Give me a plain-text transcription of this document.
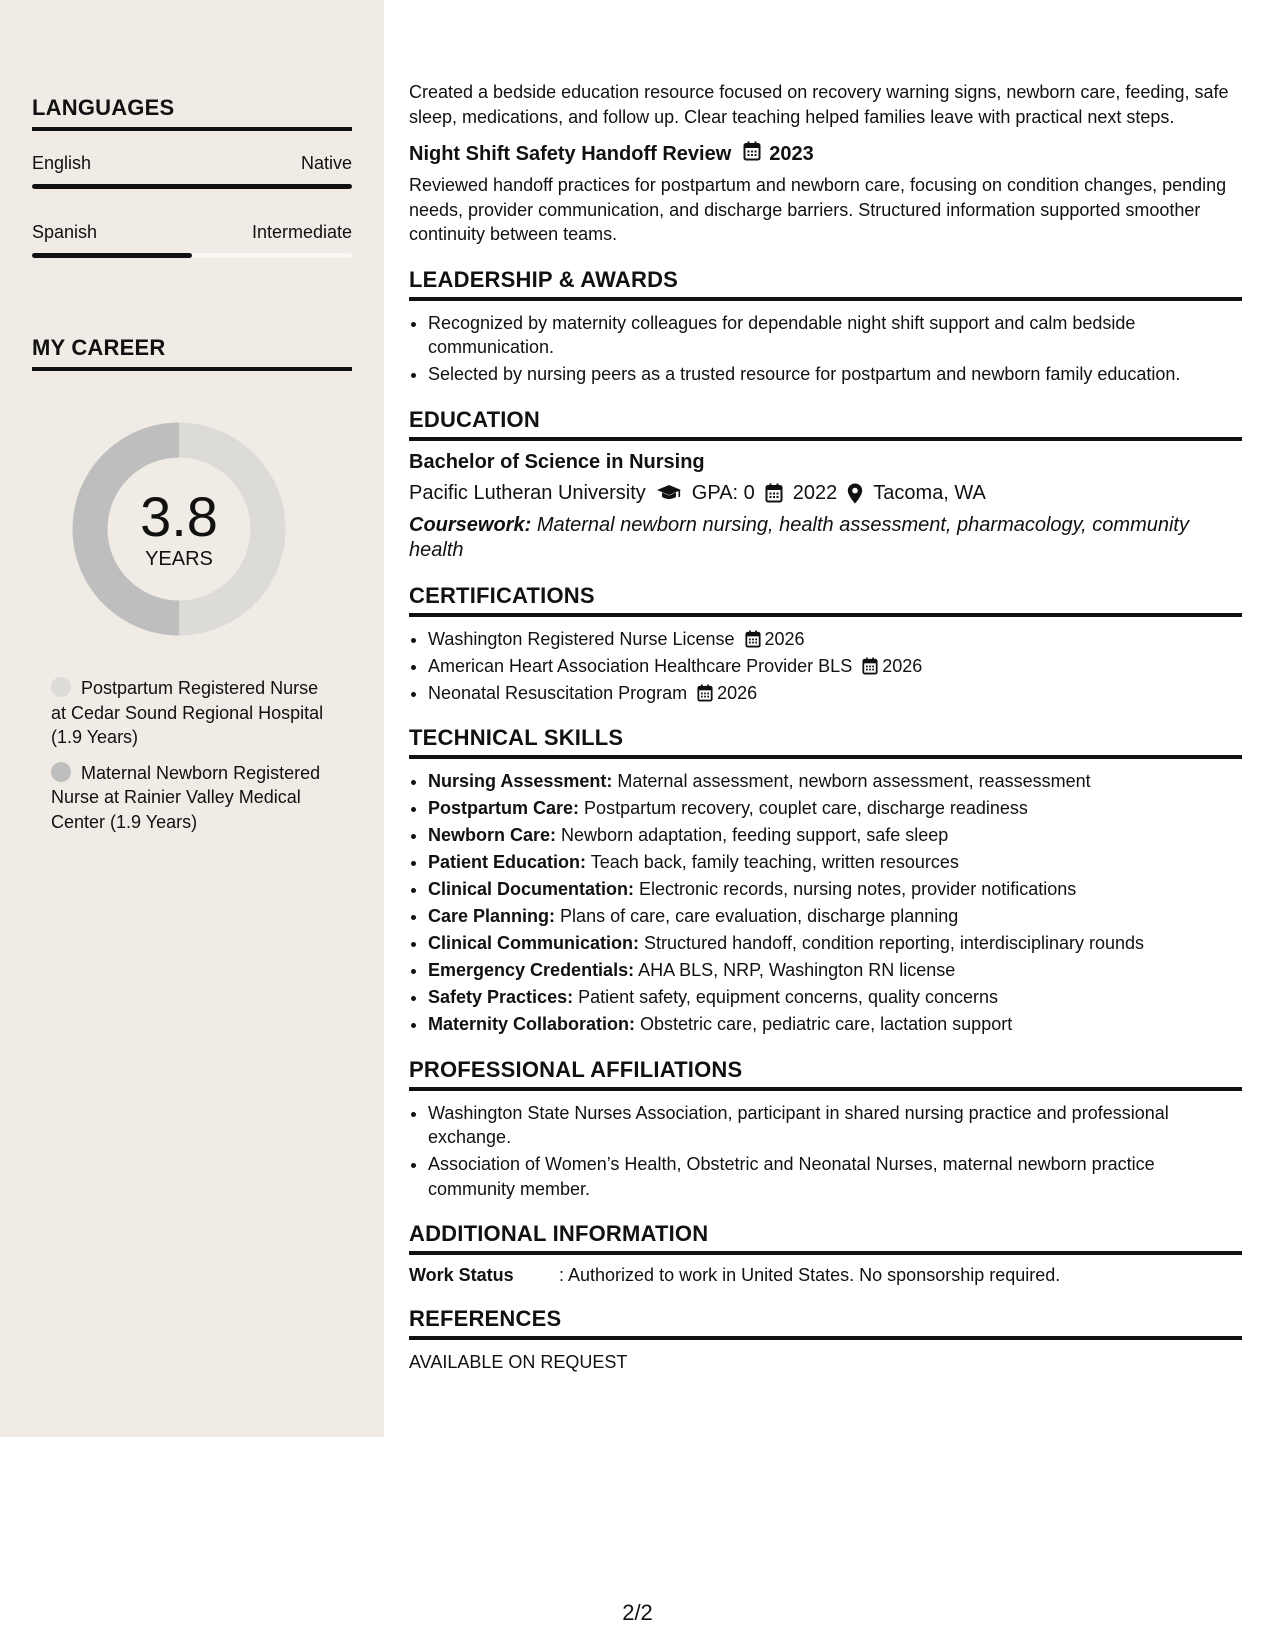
LANGUAGES
English	Native
Spanish	Intermediate
MY CAREER
3.8
YEARS
Postpartum Registered Nurse at Cedar Sound Regional Hospital (1.9 Years)
Maternal Newborn Registered Nurse at Rainier Valley Medical Center (1.9 Years)

Created a bedside education resource focused on recovery warning signs, newborn care, feeding, safe sleep, medications, and follow up. Clear teaching helped families leave with practical next steps.

Night Shift Safety Handoff Review 2023

Reviewed handoff practices for postpartum and newborn care, focusing on condition changes, pending needs, provider communication, and discharge barriers. Structured information supported smoother continuity between teams.

LEADERSHIP & AWARDS
• Recognized by maternity colleagues for dependable night shift support and calm bedside communication.
• Selected by nursing peers as a trusted resource for postpartum and newborn family education.
EDUCATION
Bachelor of Science in Nursing
Pacific Lutheran University GPA: 0 2022 Tacoma, WA
Coursework: Maternal newborn nursing, health assessment, pharmacology, community health
CERTIFICATIONS
• Washington Registered Nurse License 2026
• American Heart Association Healthcare Provider BLS 2026
• Neonatal Resuscitation Program 2026
TECHNICAL SKILLS
• Nursing Assessment: Maternal assessment, newborn assessment, reassessment
• Postpartum Care: Postpartum recovery, couplet care, discharge readiness
• Newborn Care: Newborn adaptation, feeding support, safe sleep
• Patient Education: Teach back, family teaching, written resources
• Clinical Documentation: Electronic records, nursing notes, provider notifications
• Care Planning: Plans of care, care evaluation, discharge planning
• Clinical Communication: Structured handoff, condition reporting, interdisciplinary rounds
• Emergency Credentials: AHA BLS, NRP, Washington RN license
• Safety Practices: Patient safety, equipment concerns, quality concerns
• Maternity Collaboration: Obstetric care, pediatric care, lactation support
PROFESSIONAL AFFILIATIONS
• Washington State Nurses Association, participant in shared nursing practice and professional exchange.
• Association of Women’s Health, Obstetric and Neonatal Nurses, maternal newborn practice community member.
ADDITIONAL INFORMATION
Work Status	: Authorized to work in United States. No sponsorship required.
REFERENCES
AVAILABLE ON REQUEST
2/2
